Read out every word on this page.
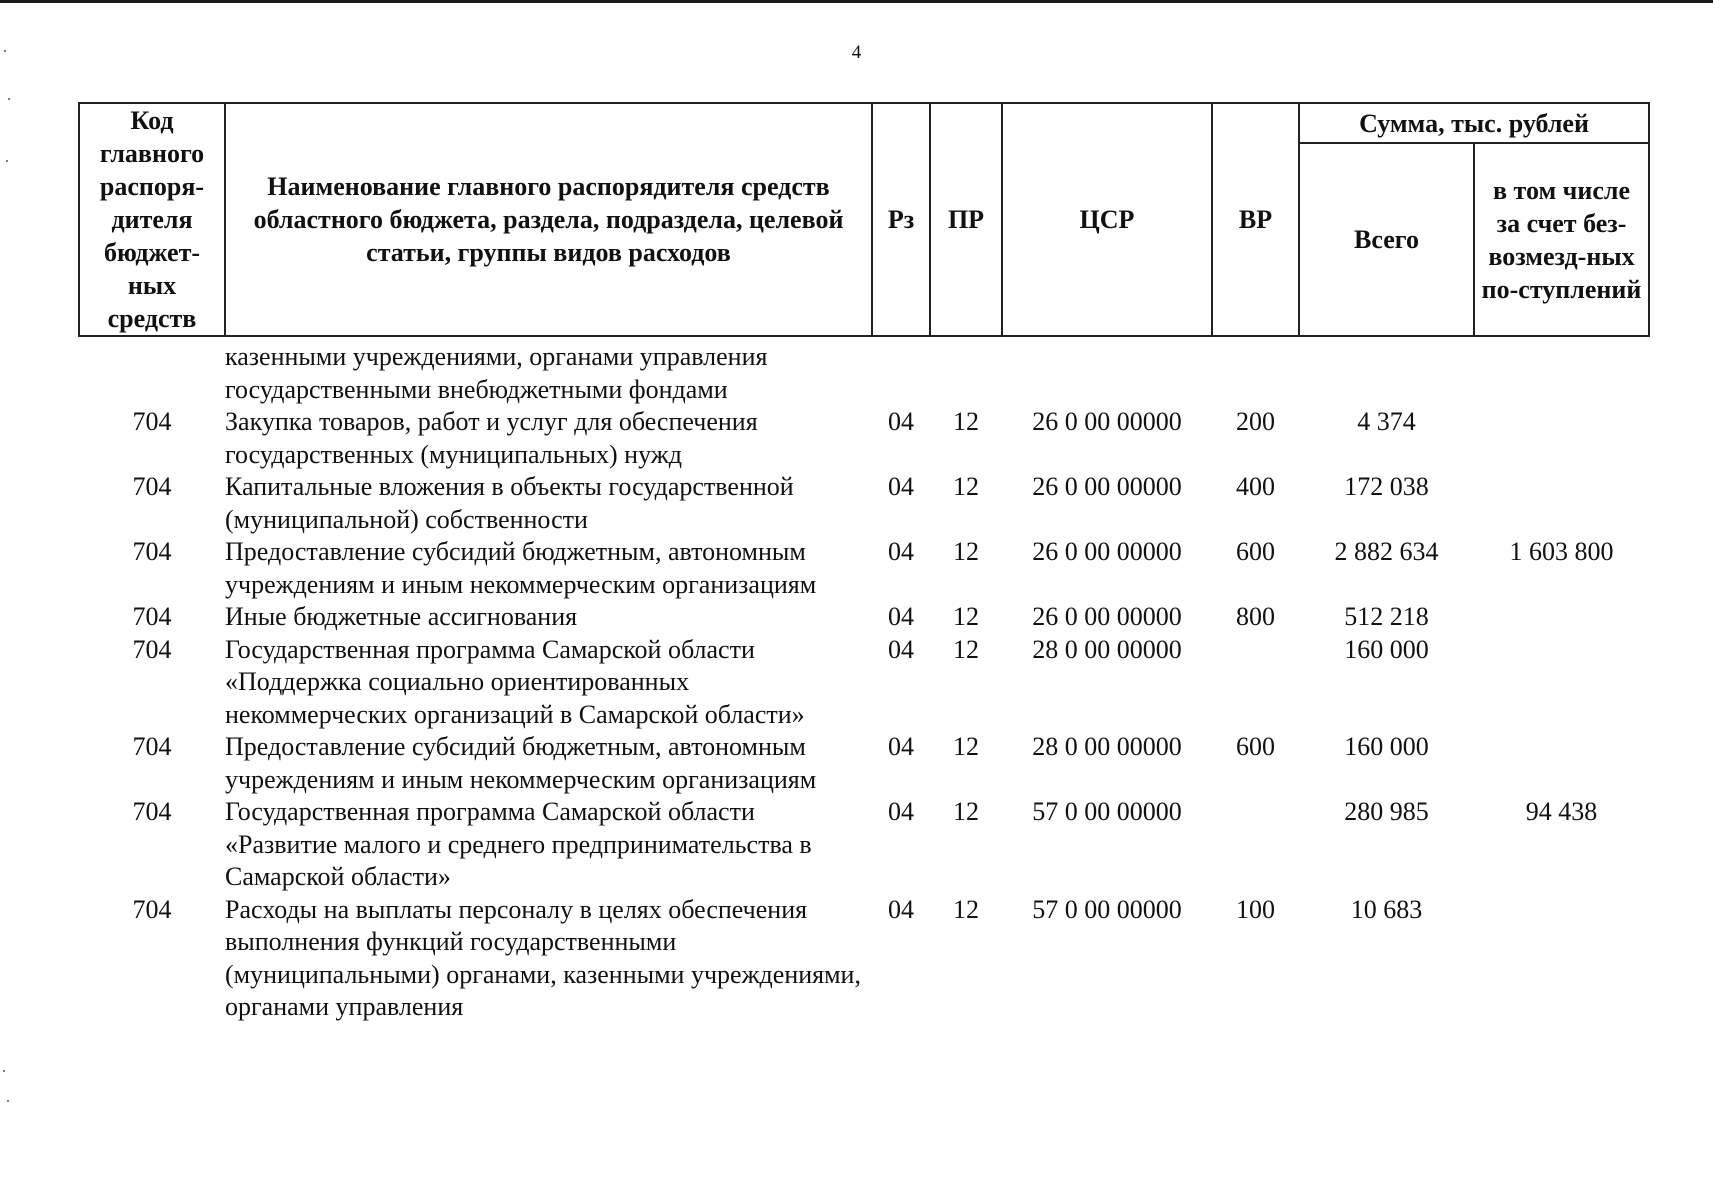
4
Код главного распоря-дителя бюджет-ных средств	Наименование главного распорядителя средств областного бюджета, раздела, подраздела, целевой статьи, группы видов расходов	Рз	ПР	ЦСР	ВР	Сумма, тыс. рублей	
						Всего	в том числе за счет без-возмезд-ных по-ступлений

	казенными учреждениями, органами управления государственными внебюджетными фондами						
704	Закупка товаров, работ и услуг для обеспечения государственных (муниципальных) нужд	04	12	26 0 00 00000	200	4 374	
704	Капитальные вложения в объекты государственной (муниципальной) собственности	04	12	26 0 00 00000	400	172 038	
704	Предоставление субсидий бюджетным, автономным учреждениям и иным некоммерческим организациям	04	12	26 0 00 00000	600	2 882 634	1 603 800
704	Иные бюджетные ассигнования	04	12	26 0 00 00000	800	512 218	
704	Государственная программа Самарской области «Поддержка социально ориентированных некоммерческих организаций в Самарской области»	04	12	28 0 00 00000		160 000	
704	Предоставление субсидий бюджетным, автономным учреждениям и иным некоммерческим организациям	04	12	28 0 00 00000	600	160 000	
704	Государственная программа Самарской области «Развитие малого и среднего предпринимательства в Самарской области»	04	12	57 0 00 00000		280 985	94 438
704	Расходы на выплаты персоналу в целях обеспечения выполнения функций государственными (муниципальными) органами, казенными учреждениями, органами управления	04	12	57 0 00 00000	100	10 683	
